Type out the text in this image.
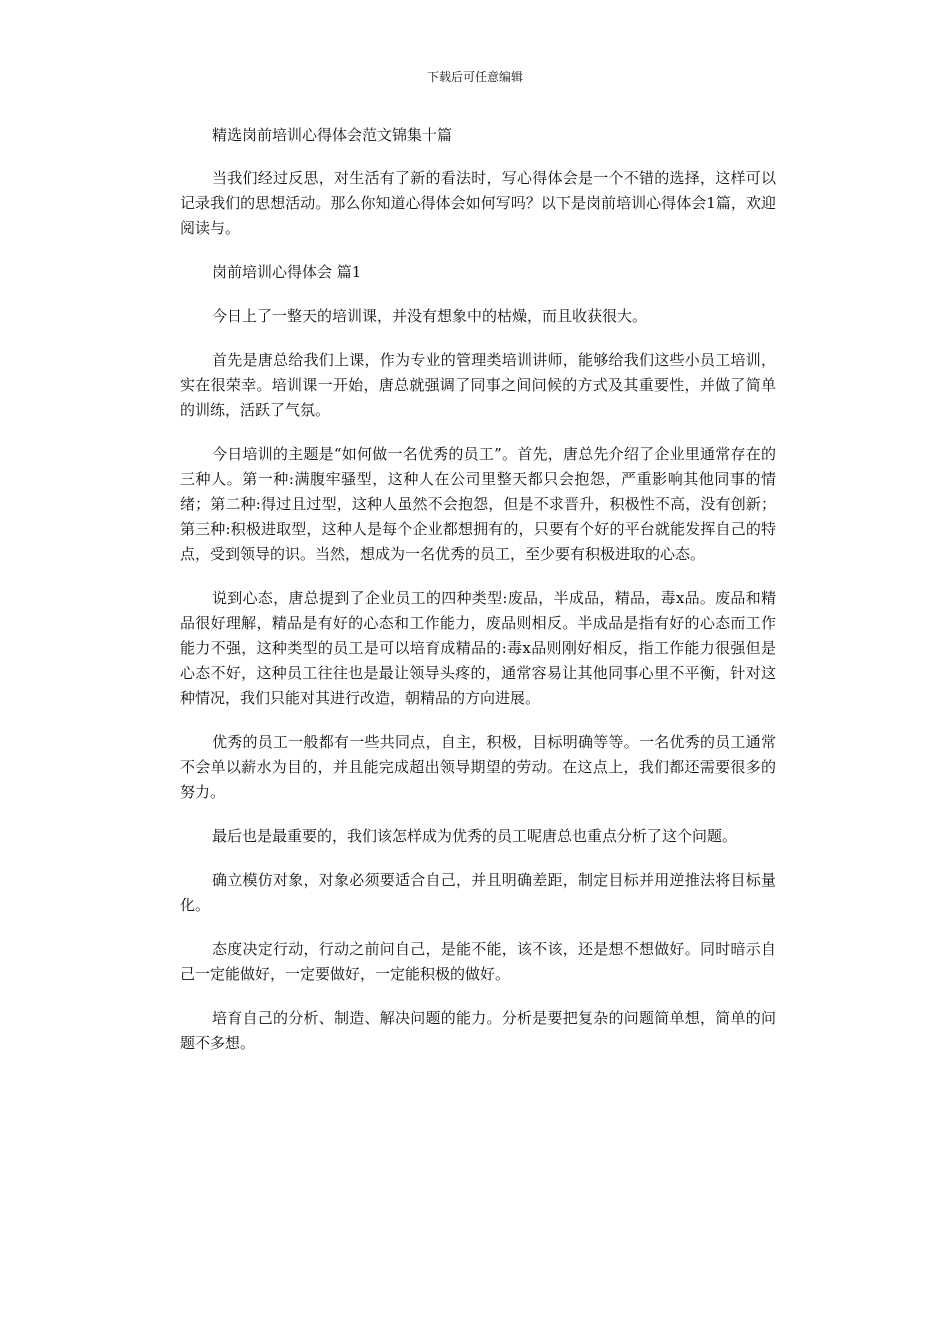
下载后可任意编辑
精选岗前培训心得体会范文锦集十篇

当我们经过反思，对生活有了新的看法时，写心得体会是一个不错的选择，这样可以记录我们的思想活动。那么你知道心得体会如何写吗？以下是岗前培训心得体会1篇，欢迎阅读与。

岗前培训心得体会 篇1

今日上了一整天的培训课，并没有想象中的枯燥，而且收获很大。

首先是唐总给我们上课，作为专业的管理类培训讲师，能够给我们这些小员工培训，实在很荣幸。培训课一开始，唐总就强调了同事之间问候的方式及其重要性，并做了简单的训练，活跃了气氛。

今日培训的主题是“如何做一名优秀的员工”。首先，唐总先介绍了企业里通常存在的三种人。第一种:满腹牢骚型，这种人在公司里整天都只会抱怨，严重影响其他同事的情绪；第二种:得过且过型，这种人虽然不会抱怨，但是不求晋升，积极性不高，没有创新；第三种:积极进取型，这种人是每个企业都想拥有的，只要有个好的平台就能发挥自己的特点，受到领导的识。当然，想成为一名优秀的员工，至少要有积极进取的心态。

说到心态，唐总提到了企业员工的四种类型:废品，半成品，精品，毒x品。废品和精品很好理解，精品是有好的心态和工作能力，废品则相反。半成品是指有好的心态而工作能力不强，这种类型的员工是可以培育成精品的:毒x品则刚好相反，指工作能力很强但是心态不好，这种员工往往也是最让领导头疼的，通常容易让其他同事心里不平衡，针对这种情况，我们只能对其进行改造，朝精品的方向进展。

优秀的员工一般都有一些共同点，自主，积极，目标明确等等。一名优秀的员工通常不会单以薪水为目的，并且能完成超出领导期望的劳动。在这点上，我们都还需要很多的努力。

最后也是最重要的，我们该怎样成为优秀的员工呢唐总也重点分析了这个问题。

确立模仿对象，对象必须要适合自己，并且明确差距，制定目标并用逆推法将目标量化。

态度决定行动，行动之前问自己，是能不能，该不该，还是想不想做好。同时暗示自己一定能做好，一定要做好，一定能积极的做好。

培育自己的分析、制造、解决问题的能力。分析是要把复杂的问题简单想，简单的问题不多想。
